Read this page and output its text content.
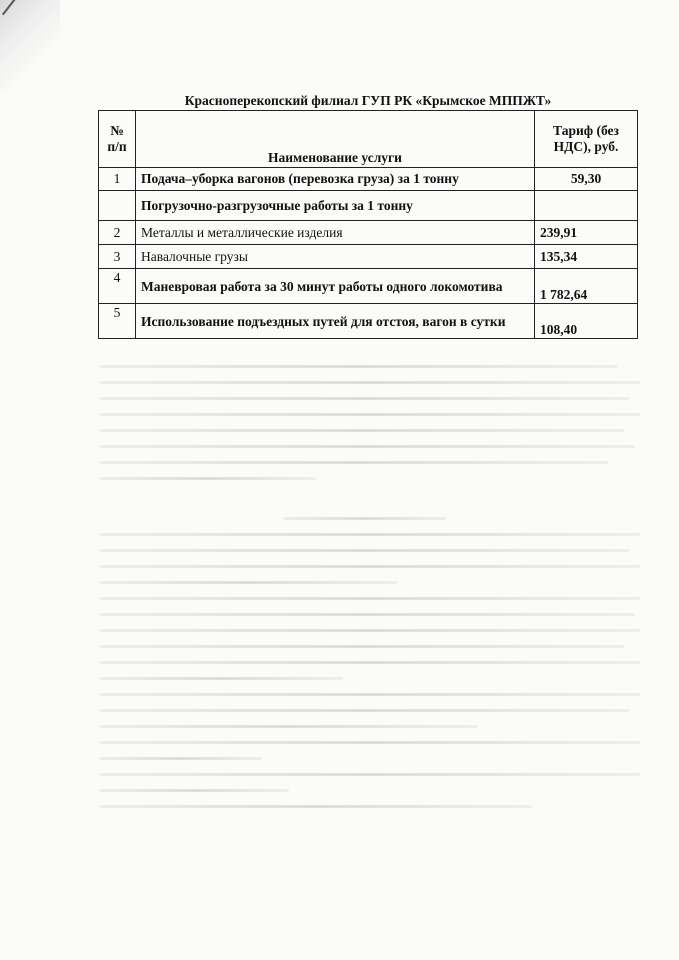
Красноперекопский филиал ГУП РК «Крымское МППЖТ»
№ п/п	Наименование услуги	Тариф (без НДС), руб.
1	Подача–уборка вагонов (перевозка груза) за 1 тонну	59,30
	Погрузочно-разгрузочные работы за 1 тонну	
2	Металлы и металлические изделия	239,91
3	Навалочные грузы	135,34
4	Маневровая работа за 30 минут работы одного локомотива	1 782,64
5	Использование подъездных путей для отстоя, вагон в сутки	108,40
